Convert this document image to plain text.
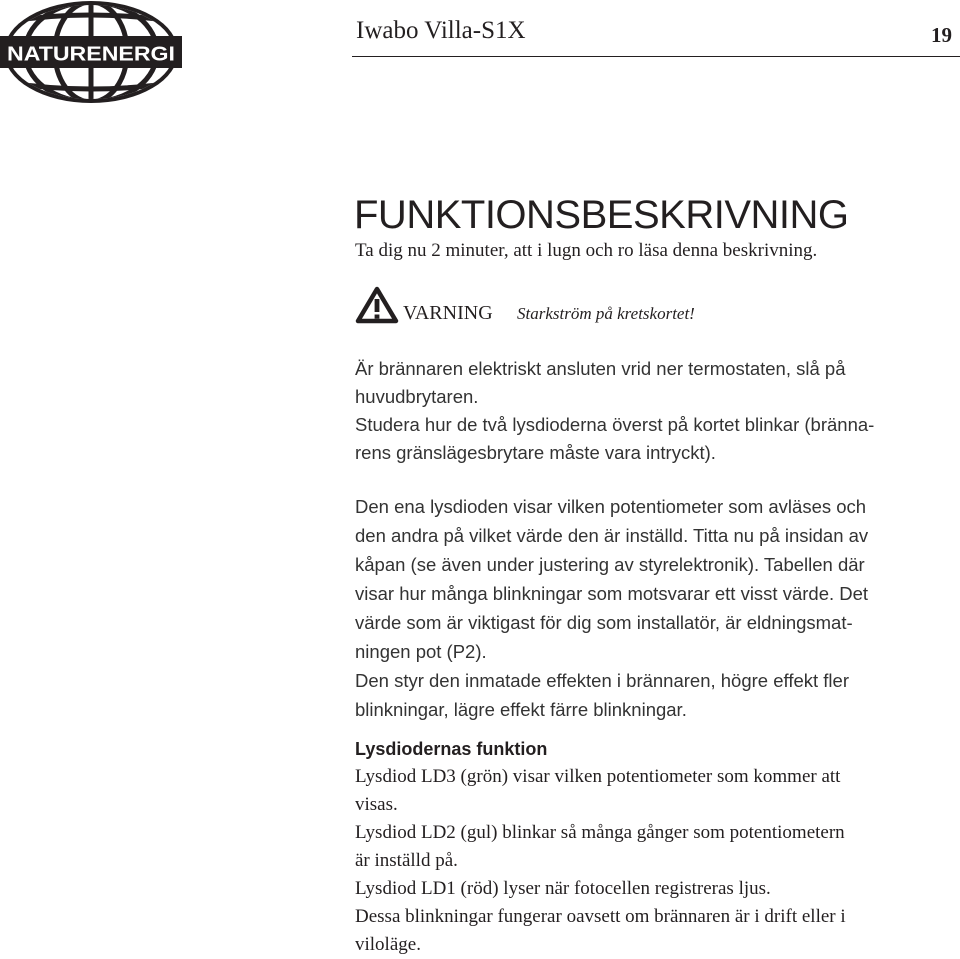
NATURENERGI
Iwabo Villa-S1X	19
FUNKTIONSBESKRIVNING
Ta dig nu 2 minuter, att i lugn och ro läsa denna beskrivning.
VARNING Starkström på kretskortet!
Är brännaren elektriskt ansluten vrid ner termostaten, slå på
huvudbrytaren.
Studera hur de två lysdioderna överst på kortet blinkar (bränna-
rens gränslägesbrytare måste vara intryckt).
Den ena lysdioden visar vilken potentiometer som avläses och
den andra på vilket värde den är inställd. Titta nu på insidan av
kåpan (se även under justering av styrelektronik). Tabellen där
visar hur många blinkningar som motsvarar ett visst värde. Det
värde som är viktigast för dig som installatör, är eldningsmat-
ningen pot (P2).
Den styr den inmatade effekten i brännaren, högre effekt fler
blinkningar, lägre effekt färre blinkningar.
Lysdiodernas funktion
Lysdiod LD3 (grön) visar vilken potentiometer som kommer att
visas.
Lysdiod LD2 (gul) blinkar så många gånger som potentiometern
är inställd på.
Lysdiod LD1 (röd) lyser när fotocellen registreras ljus.
Dessa blinkningar fungerar oavsett om brännaren är i drift eller i
viloläge.
